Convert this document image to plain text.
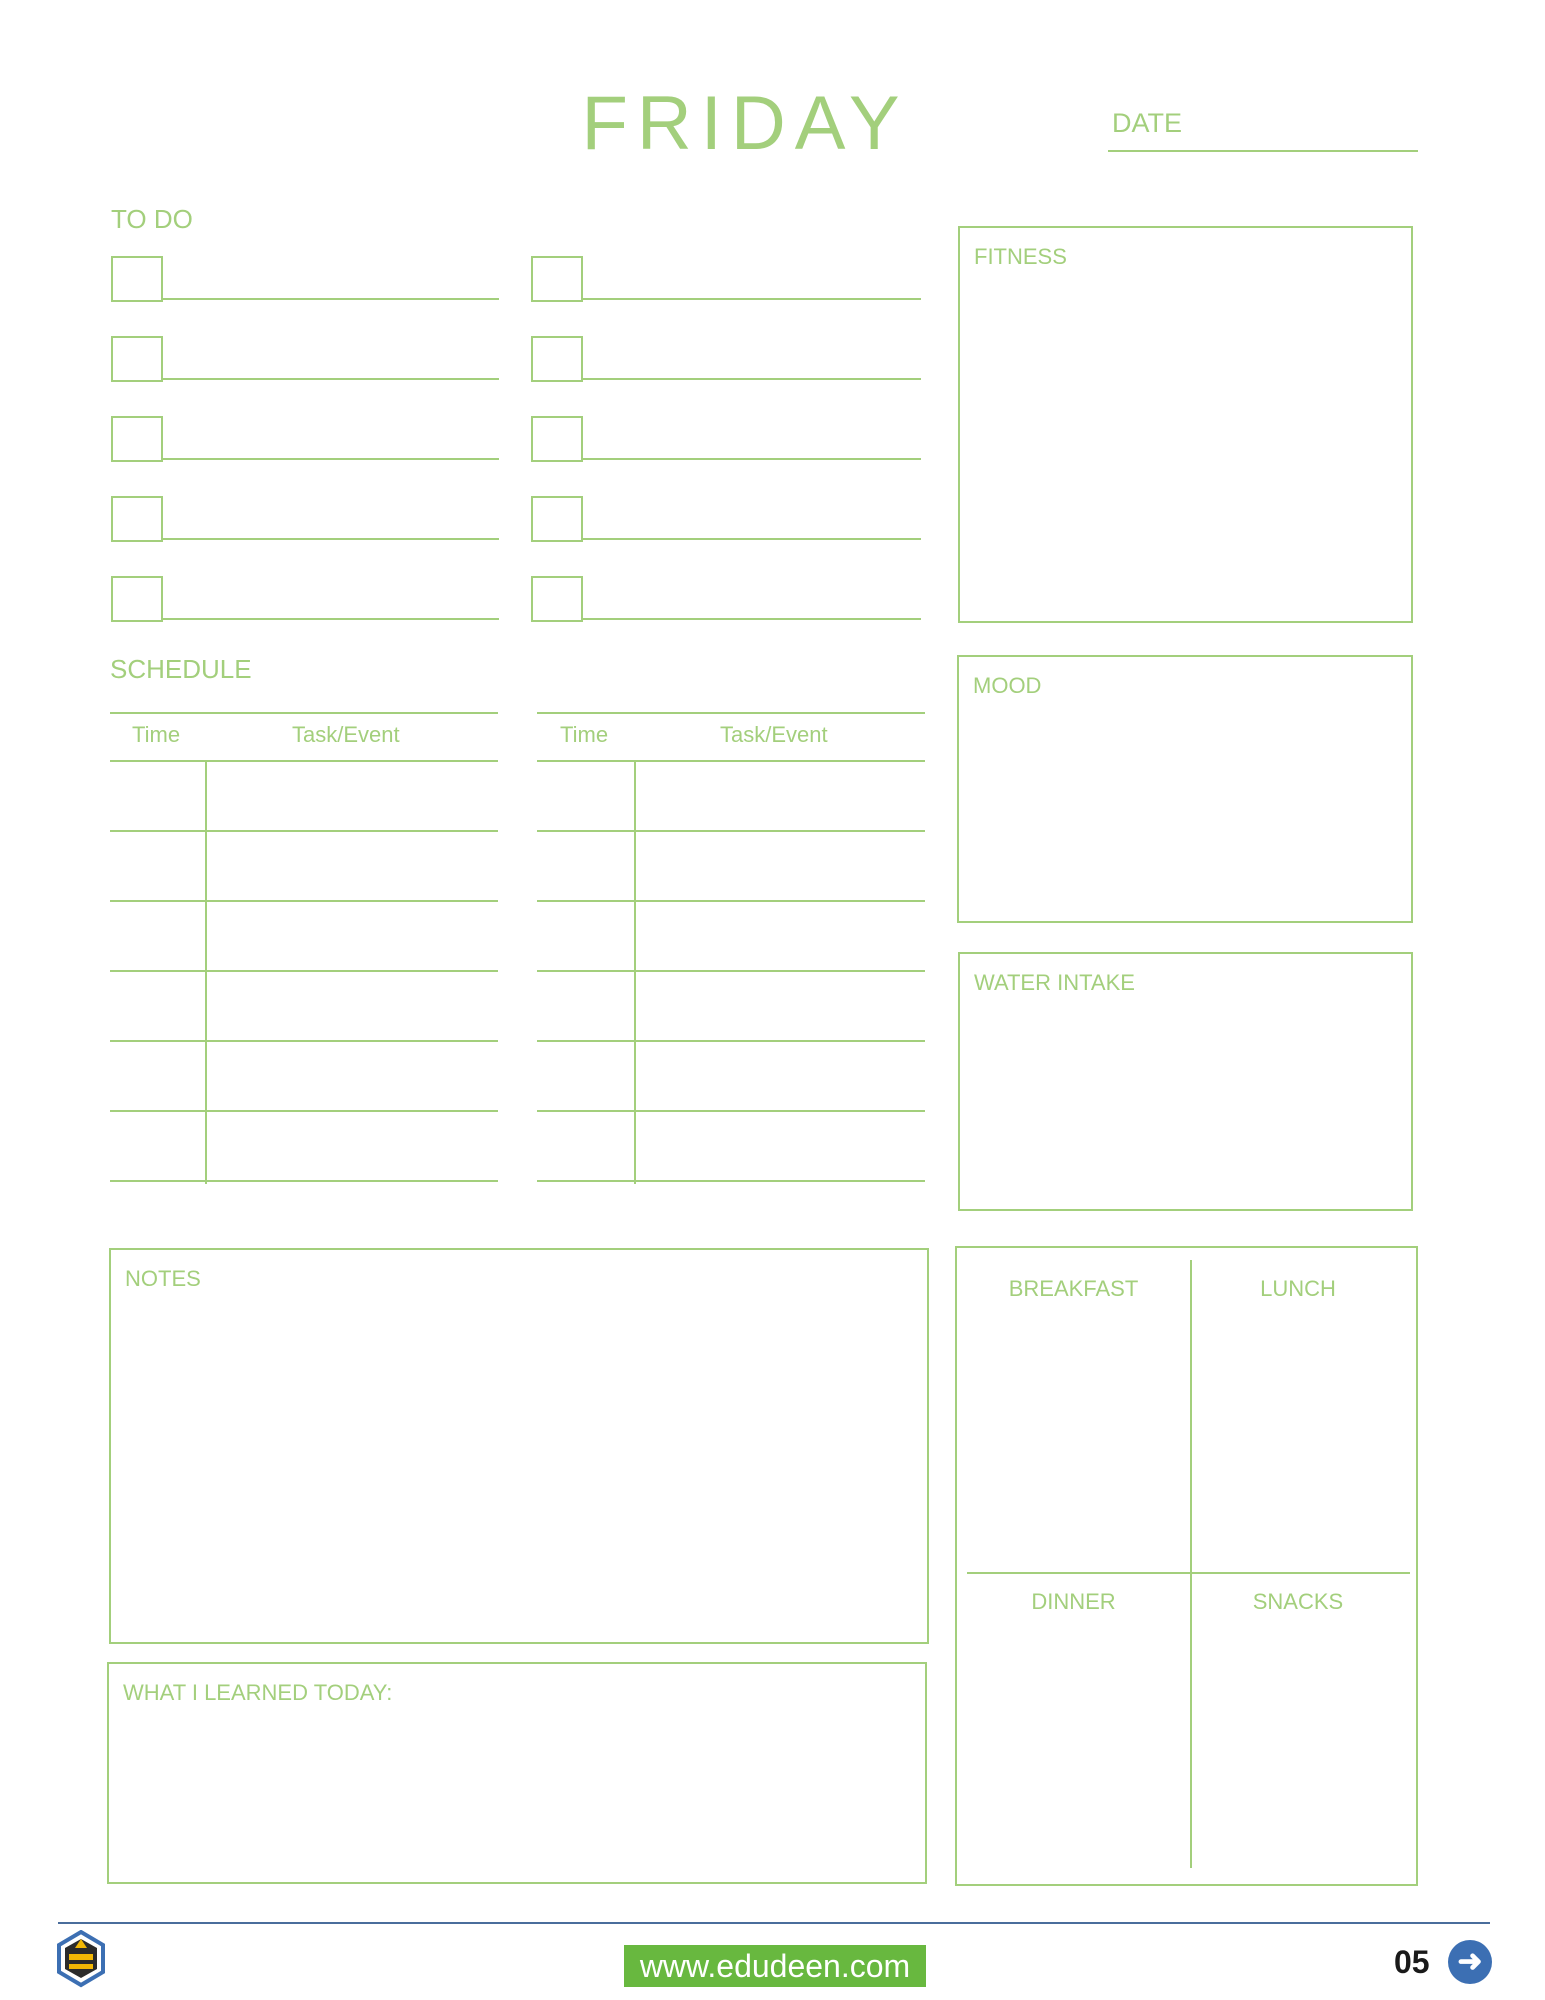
FRIDAY	DATE
TO DO
SCHEDULE
Time	Task/Event	Time	Task/Event
FITNESS
MOOD
WATER INTAKE
NOTES
WHAT I LEARNED TODAY:
BREAKFAST	LUNCH
DINNER	SNACKS
www.edudeen.com	05 ➜
